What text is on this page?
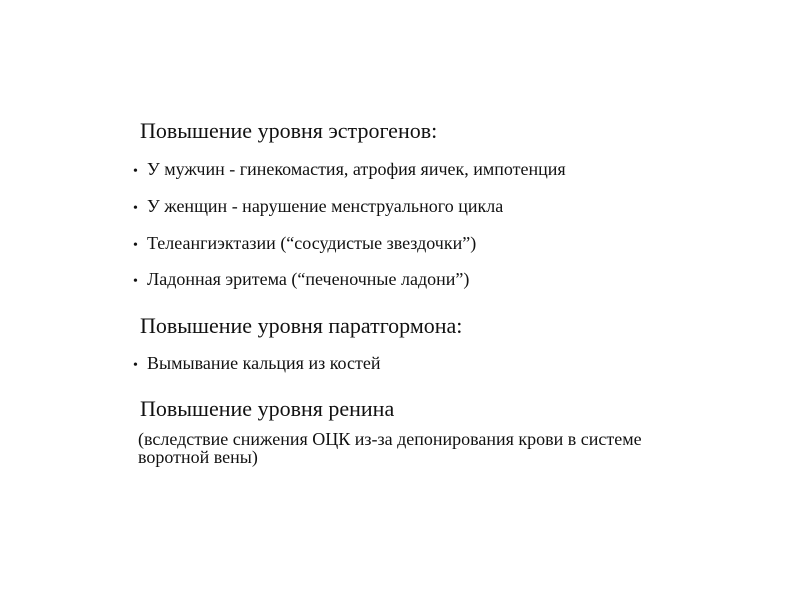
Повышение уровня эстрогенов:
• У мужчин - гинекомастия, атрофия яичек, импотенция
• У женщин - нарушение менструального цикла
• Телеангиэктазии (“сосудистые звездочки”)
• Ладонная эритема (“печеночные ладони”)
Повышение уровня паратгормона:
• Вымывание кальция из костей
Повышение уровня ренина
(вследствие снижения ОЦК из-за депонирования крови в системе воротной вены)
